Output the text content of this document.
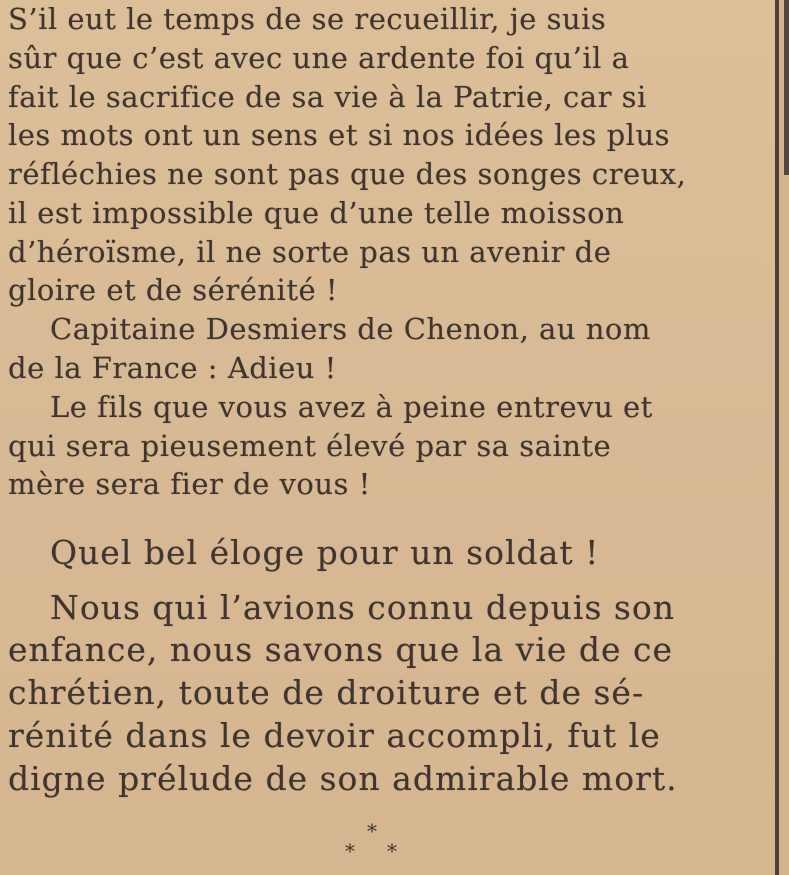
S’il eut le temps de se recueillir, je suis

sûr que c’est avec une ardente foi qu’il a

fait le sacrifice de sa vie à la Patrie, car si

les mots ont un sens et si nos idées les plus

réfléchies ne sont pas que des songes creux,

il est impossible que d’une telle moisson

d’héroïsme, il ne sorte pas un avenir de

gloire et de sérénité !

Capitaine Desmiers de Chenon, au nom

de la France : Adieu !

Le fils que vous avez à peine entrevu et

qui sera pieusement élevé par sa sainte

mère sera fier de vous !

Quel bel éloge pour un soldat !

Nous qui l’avions connu depuis son

enfance, nous savons que la vie de ce

chrétien, toute de droiture et de sé-

rénité dans le devoir accompli, fut le

digne prélude de son admirable mort.

*
* *
